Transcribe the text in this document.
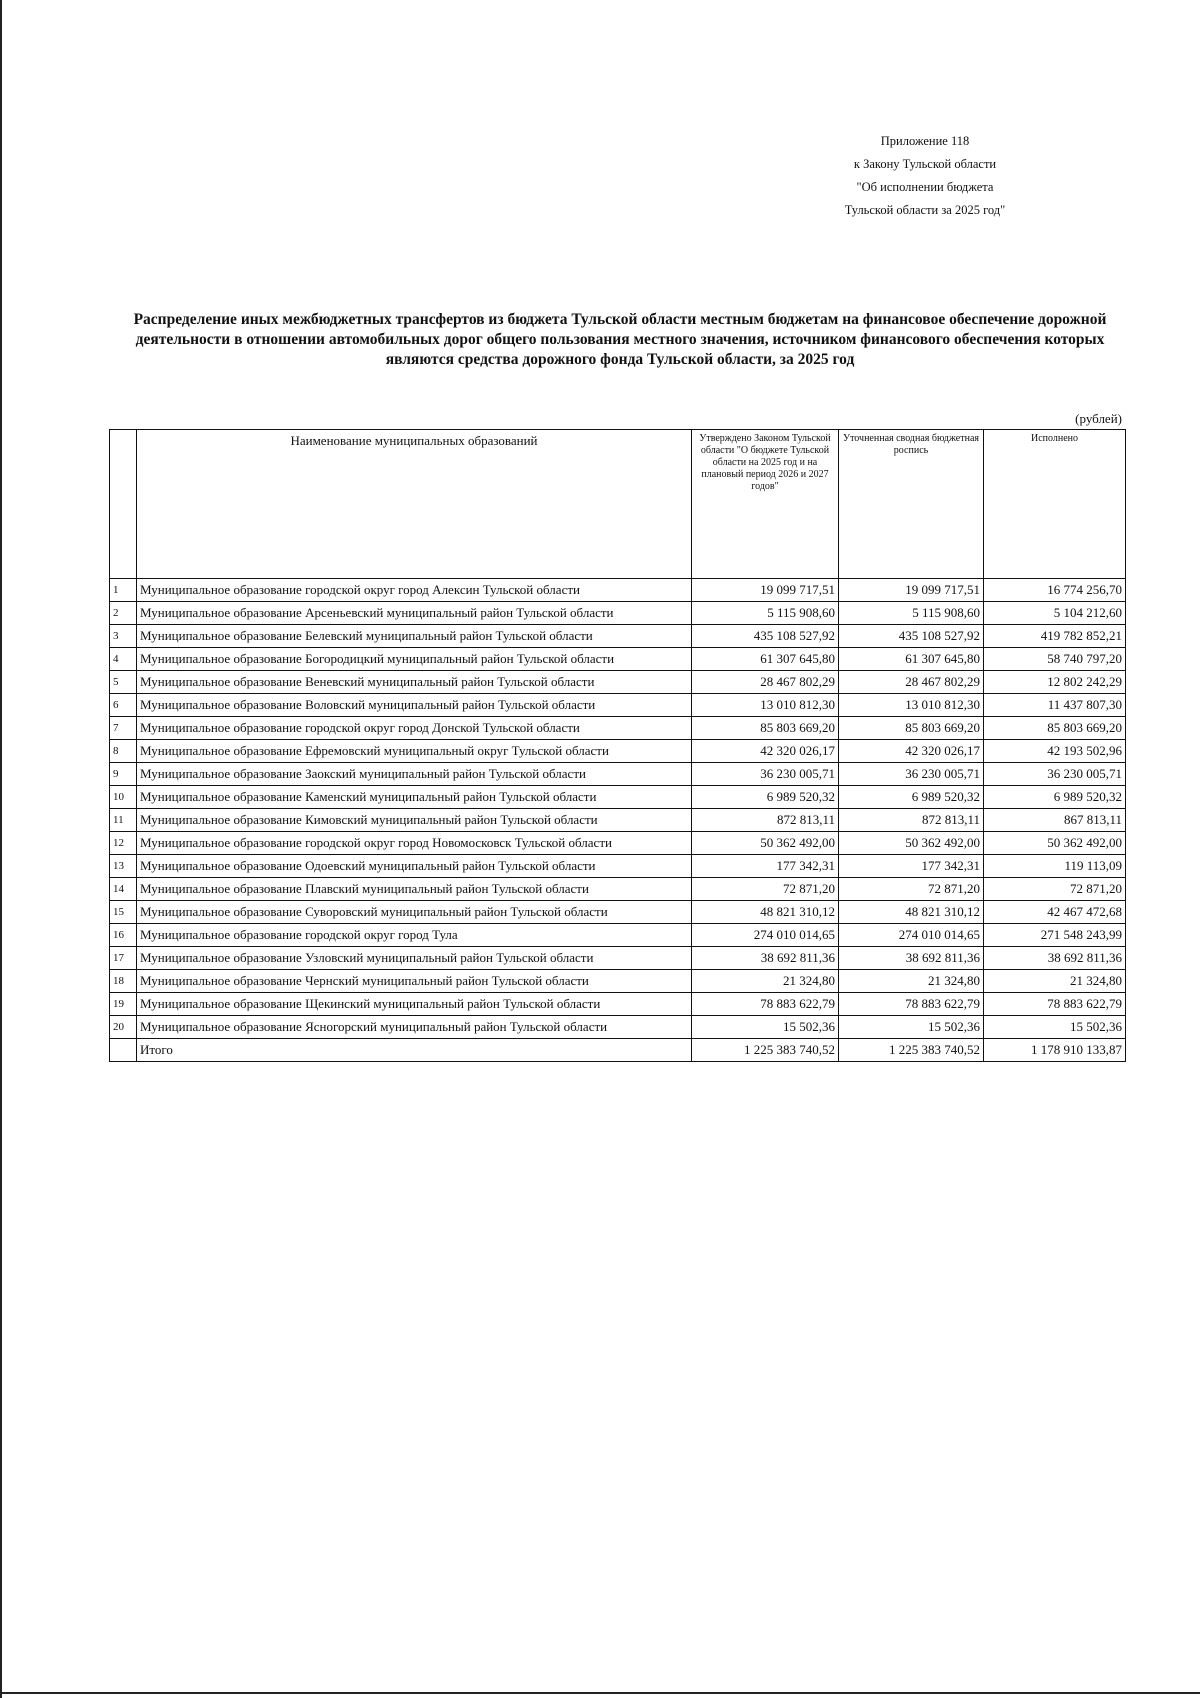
Приложение 118
к Закону Тульской области
"Об исполнении бюджета
Тульской области за 2025 год"
Распределение иных межбюджетных трансфертов из бюджета Тульской области местным бюджетам на финансовое обеспечение дорожной деятельности в отношении автомобильных дорог общего пользования местного значения, источником финансового обеспечения которых являются средства дорожного фонда Тульской области, за 2025 год
(рублей)
	Наименование муниципальных образований	Утверждено Законом Тульской области "О бюджете Тульской области на 2025 год и на плановый период 2026 и 2027 годов"	Уточненная сводная бюджетная роспись	Исполнено
1	Муниципальное образование городской округ город Алексин Тульской области	19 099 717,51	19 099 717,51	16 774 256,70
2	Муниципальное образование Арсеньевский муниципальный район Тульской области	5 115 908,60	5 115 908,60	5 104 212,60
3	Муниципальное образование Белевский муниципальный район Тульской области	435 108 527,92	435 108 527,92	419 782 852,21
4	Муниципальное образование Богородицкий муниципальный район Тульской области	61 307 645,80	61 307 645,80	58 740 797,20
5	Муниципальное образование Веневский муниципальный район Тульской области	28 467 802,29	28 467 802,29	12 802 242,29
6	Муниципальное образование Воловский муниципальный район Тульской области	13 010 812,30	13 010 812,30	11 437 807,30
7	Муниципальное образование городской округ город Донской Тульской области	85 803 669,20	85 803 669,20	85 803 669,20
8	Муниципальное образование Ефремовский муниципальный округ Тульской области	42 320 026,17	42 320 026,17	42 193 502,96
9	Муниципальное образование Заокский муниципальный район Тульской области	36 230 005,71	36 230 005,71	36 230 005,71
10	Муниципальное образование Каменский муниципальный район Тульской области	6 989 520,32	6 989 520,32	6 989 520,32
11	Муниципальное образование Кимовский муниципальный район Тульской области	872 813,11	872 813,11	867 813,11
12	Муниципальное образование городской округ город Новомосковск Тульской области	50 362 492,00	50 362 492,00	50 362 492,00
13	Муниципальное образование Одоевский муниципальный район Тульской области	177 342,31	177 342,31	119 113,09
14	Муниципальное образование Плавский муниципальный район Тульской области	72 871,20	72 871,20	72 871,20
15	Муниципальное образование Суворовский муниципальный район Тульской области	48 821 310,12	48 821 310,12	42 467 472,68
16	Муниципальное образование городской округ город Тула	274 010 014,65	274 010 014,65	271 548 243,99
17	Муниципальное образование Узловский муниципальный район Тульской области	38 692 811,36	38 692 811,36	38 692 811,36
18	Муниципальное образование Чернский муниципальный район Тульской области	21 324,80	21 324,80	21 324,80
19	Муниципальное образование Щекинский муниципальный район Тульской области	78 883 622,79	78 883 622,79	78 883 622,79
20	Муниципальное образование Ясногорский муниципальный район Тульской области	15 502,36	15 502,36	15 502,36
	Итого	1 225 383 740,52	1 225 383 740,52	1 178 910 133,87
